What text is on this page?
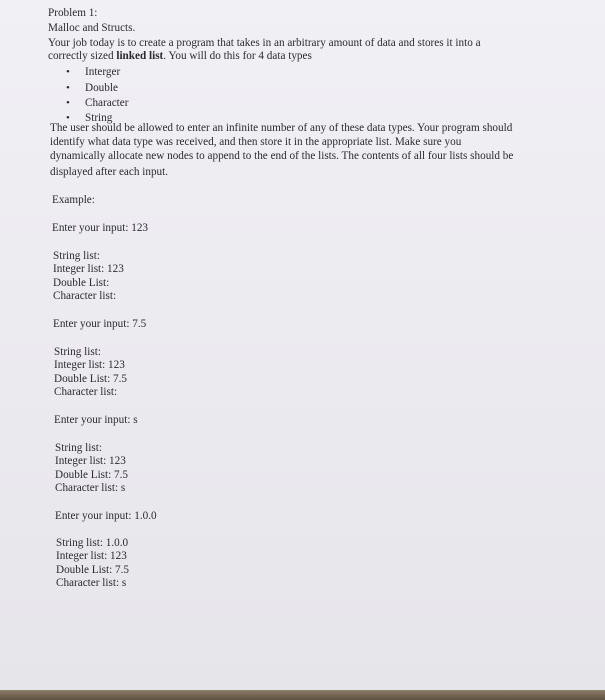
Problem 1:
Malloc and Structs.
Your job today is to create a program that takes in an arbitrary amount of data and stores it into a
correctly sized linked list. You will do this for 4 data types
• Interger
• Double
• Character
• String
The user should be allowed to enter an infinite number of any of these data types. Your program should
identify what data type was received, and then store it in the appropriate list. Make sure you
dynamically allocate new nodes to append to the end of the lists. The contents of all four lists should be
displayed after each input.
Example:
Enter your input: 123
String list:
Integer list: 123
Double List:
Character list:
Enter your input: 7.5
String list:
Integer list: 123
Double List: 7.5
Character list:
Enter your input: s
String list:
Integer list: 123
Double List: 7.5
Character list: s
Enter your input: 1.0.0
String list: 1.0.0
Integer list: 123
Double List: 7.5
Character list: s
